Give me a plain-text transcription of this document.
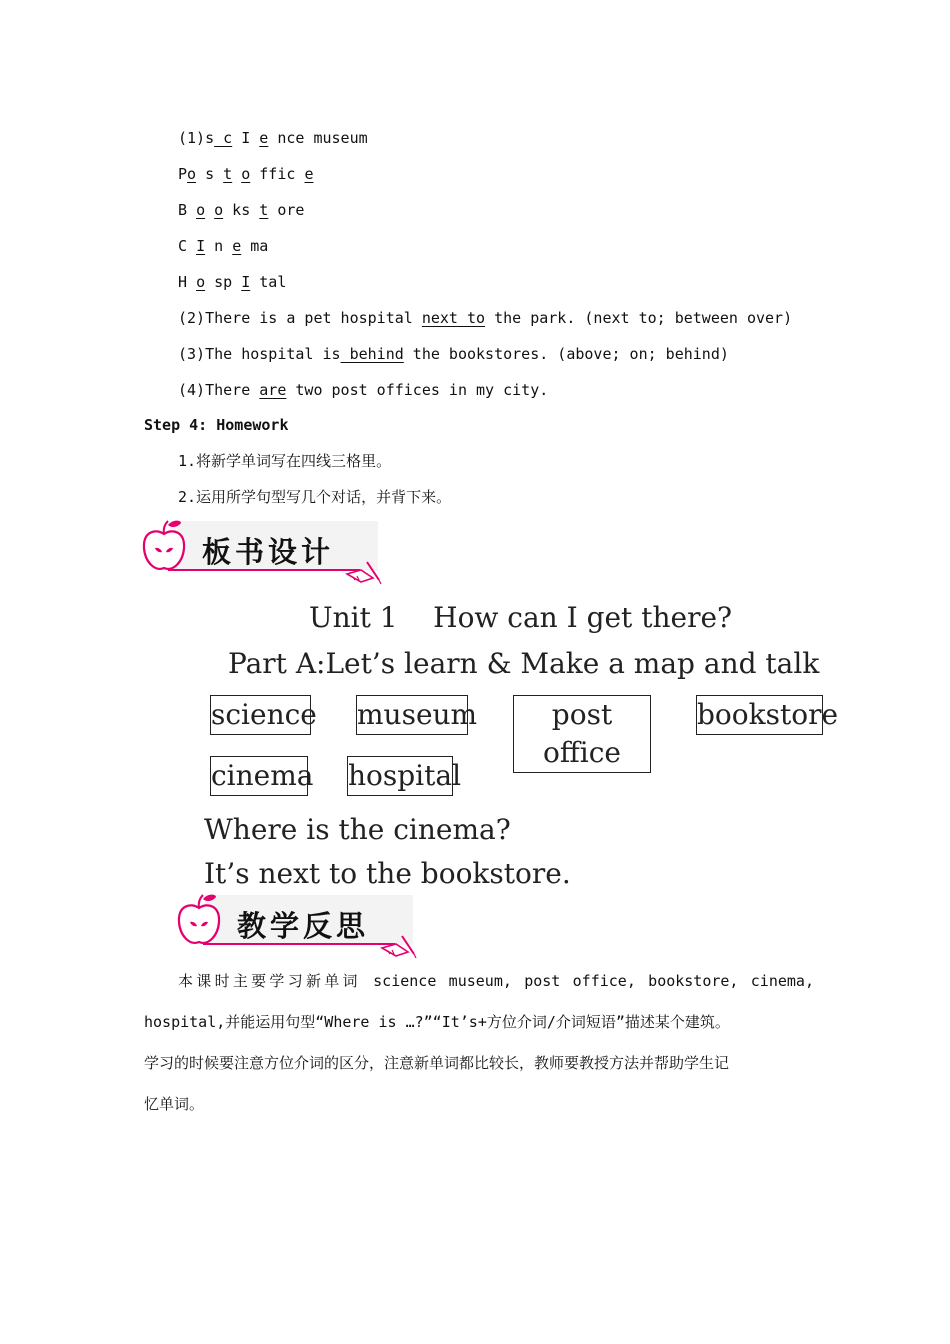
(1)s_c I e nce museum
Po s t o ffic e
B o o ks t ore
C I n e ma
H o sp I tal
(2)There is a pet hospital next to the park. (next to; between over)
(3)The hospital is behind the bookstores. (above; on; behind)
(4)There are two post offices in my city.
Step 4: Homework
1.将新学单词写在四线三格里。
2.运用所学句型写几个对话，并背下来。
板书设计
Unit 1    How can I get there?
Part A:Let’s learn & Make a map and talk
science museum	post office
bookstore
cinema hospital
Where is the cinema?
It’s next to the bookstore.
教学反思
本课时主要学习新单词 science museum, post office, bookstore, cinema,
hospital,并能运用句型“Where is …?”“It’s+方位介词/介词短语”描述某个建筑。
学习的时候要注意方位介词的区分，注意新单词都比较长，教师要教授方法并帮助学生记
忆单词。
